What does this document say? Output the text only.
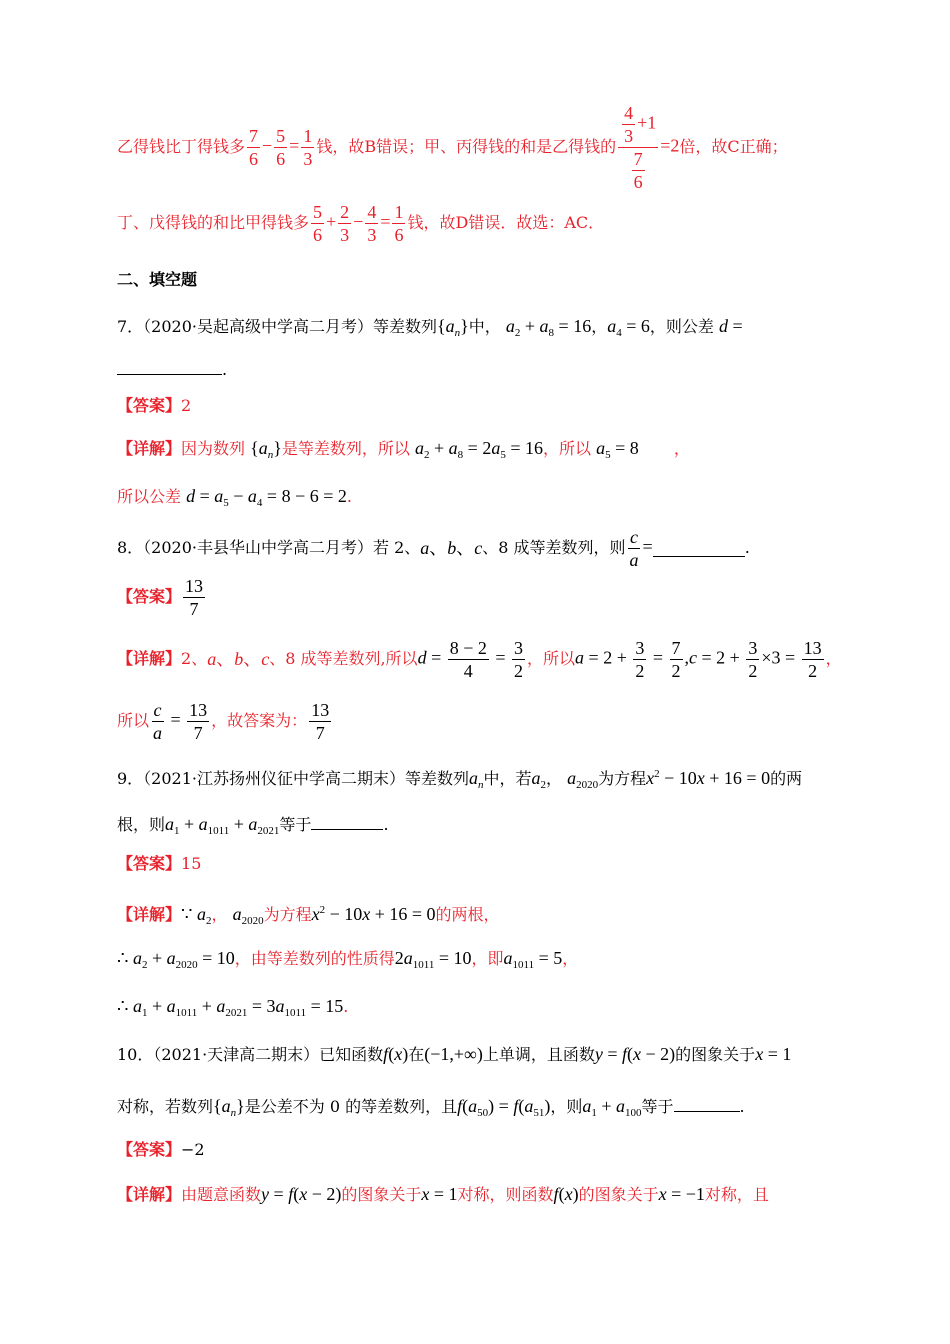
乙得钱比丁得钱多 $\frac{7}{6} - \frac{5}{6} = \frac{1}{3}$ 钱，故B错误；甲、丙得钱的和是乙得钱的 $\frac{\frac{4}{3} +1}{\frac{7}{6}} =2$ 倍，故C正确；
丁、戊得钱的和比甲得钱多 $\frac{5}{6} + \frac{2}{3} - \frac{4}{3} = \frac{1}{6}$ 钱，故D错误．故选：AC．
二、填空题
7．（2020·吴起高级中学高二月考）等差数列$\{a_n\}$中， $a_2 + a_8 = 16$，$a_4 = 6$，则公差 d =
.
【答案】2
【详解】因为数列 $\{a_n\}$是等差数列，所以 $a_2 + a_8 = 2a_5 = 16$，所以 $a_5 = 8$ ，
所以公差 $d = a_5 - a_4 = 8 - 6 = 2$.
8．（2020·丰县华山中学高二月考）若 2、 a、b、c 、8 成等差数列，则 $\frac{c}{a}$ =	.
【答案】 $\frac{13}{7}$
【详解】 2、 a、b、c 、8 成等差数列,所以 $d = \frac{8 - 2}{4} = \frac{3}{2}$ ，所以 $a = 2 + \frac{3}{2} = \frac{7}{2} ,c = 2 + \frac{3}{2} \times 3 = \frac{13}{2}$ ，
所以 $\frac{c}{a} = \frac{13}{7}$ ，故答案为： $\frac{13}{7}$
9．（2021·江苏扬州仪征中学高二期末）等差数列$a_n$中，若$a_2$， $a_{2020}$为方程$x^2 - 10x + 16 = 0$的两
根，则$a_1 + a_{1011} + a_{2021}$等于	.
【答案】15
【详解】∵ $a_2$， $a_{2020}$为方程$x^2 - 10x + 16 = 0$的两根，
∴ $a_2 + a_{2020} = 10$，由等差数列的性质得$2a_{1011} = 10$，即$a_{1011} = 5$，
∴ $a_1 + a_{1011} + a_{2021} = 3a_{1011} = 15$.
10．（2021·天津高二期末）已知函数f(x)在(−1,+∞)上单调，且函数y = f(x − 2)的图象关于x = 1
对称，若数列$\{a_n\}$是公差不为 0 的等差数列，且$f(a_{50}) = f(a_{51})$，则$a_1 + a_{100}$等于	.
【答案】−2
【详解】由题意函数y = f(x − 2)的图象关于x = 1对称，则函数f(x)的图象关于x = −1对称，且
